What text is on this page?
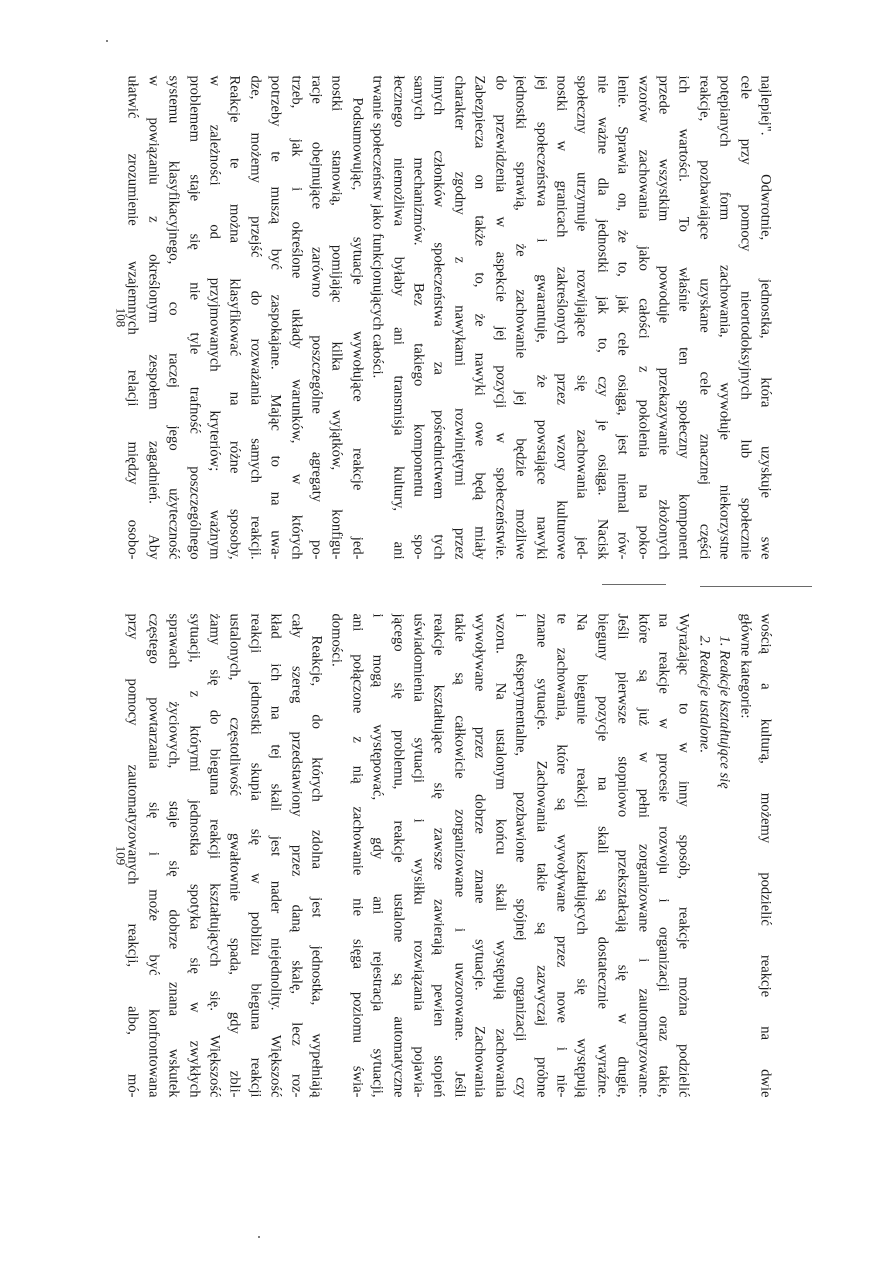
najlepiej". Odwrotnie, jednostka, która uzyskuje swe
cele przy pomocy nieortodoksyjnych lub społecznie
potępianych form zachowania, wywołuje niekorzystne
reakcje, pozbawiające uzyskane cele znacznej części
ich wartości. To właśnie ten społeczny komponent
przede wszystkim powoduje przekazywanie złożonych
wzorów zachowania jako całości z pokolenia na poko-
lenie. Sprawia on, że to, jak cele osiąga, jest niemal rów-
nie ważne dla jednostki jak to, czy je osiąga. Nacisk
społeczny utrzymuje rozwijające się zachowania jed-
nostki w granicach zakreślonych przez wzory kulturowe
jej społeczeństwa i gwarantuje, że powstające nawyki
jednostki sprawią, że zachowanie jej będzie możliwe
do przewidzenia w aspekcie jej pozycji w społeczeństwie.
Zabezpiecza on także to, że nawyki owe będą miały
charakter zgodny z nawykami rozwiniętymi przez
innych członków społeczeństwa za pośrednictwem tych
samych mechanizmów. Bez takiego komponentu spo-
łecznego niemożliwa byłaby ani transmisja kultury, ani
trwanie społeczeństw jako funkcjonujących całości.
Podsumowując, sytuacje wywołujące reakcje jed-
nostki stanowią, pomijając kilka wyjątków, konfigu-
racje obejmujące zarówno poszczególne agregaty po-
trzeb, jak i określone układy warunków, w których
potrzeby te muszą być zaspokajane. Mając to na uwa-
dze, możemy przejść do rozważania samych reakcji.
Reakcje te można klasyfikować na różne sposoby,
w zależności od przyjmowanych kryteriów; ważnym
problemem staje się nie tyle trafność poszczególnego
systemu klasyfikacyjnego, co raczej jego użyteczność
w powiązaniu z określonym zespołem zagadnień. Aby
ułatwić zrozumienie wzajemnych relacji między osobo-
wością a kulturą, możemy podzielić reakcje na dwie
główne kategorie:
1. Reakcje kształtujące się
2. Reakcje ustalone.
Wyrażając to w inny sposób, reakcje można podzielić
na reakcje w procesie rozwoju i organizacji oraz takie,
które są już w pełni zorganizowane i zautomatyzowane.
Jeśli pierwsze stopniowo przekształcają się w drugie,
bieguny pozycje na skali są dostatecznie wyraźne.
Na biegunie reakcji kształtujących się występują
te zachowania, które są wywoływane przez nowe i nie-
znane sytuacje. Zachowania takie są zazwyczaj próbne
i eksperymentalne, pozbawione spójnej organizacji czy
wzoru. Na ustalonym końcu skali występują zachowania
wywoływane przez dobrze znane sytuacje. Zachowania
takie są całkowicie zorganizowane i uwzorowane. Jeśli
reakcje kształtujące się zawsze zawierają pewien stopień
uświadomienia sytuacji i wysiłku rozwiązania pojawia-
jącego się problemu, reakcje ustalone są automatyczne
i mogą występować, gdy ani rejestracja sytuacji,
ani połączone z nią zachowanie nie sięga poziomu świa-
domości.
Reakcje, do których zdolna jest jednostka, wypełniają
cały szereg przedstawiony przez daną skalę, lecz roz-
kład ich na tej skali jest nader niejednolity. Większość
reakcji jednostki skupia się w pobliżu bieguna reakcji
ustalonych, częstotliwość gwałtownie spada, gdy zbli-
żamy się do bieguna reakcji kształtujących się. Większość
sytuacji, z którymi jednostka spotyka się w zwykłych
sprawach życiowych, staje się dobrze znana wskutek
częstego powtarzania się i może być konfrontowana
przy pomocy zautomatyzowanych reakcji, albo, mó-
108
109
